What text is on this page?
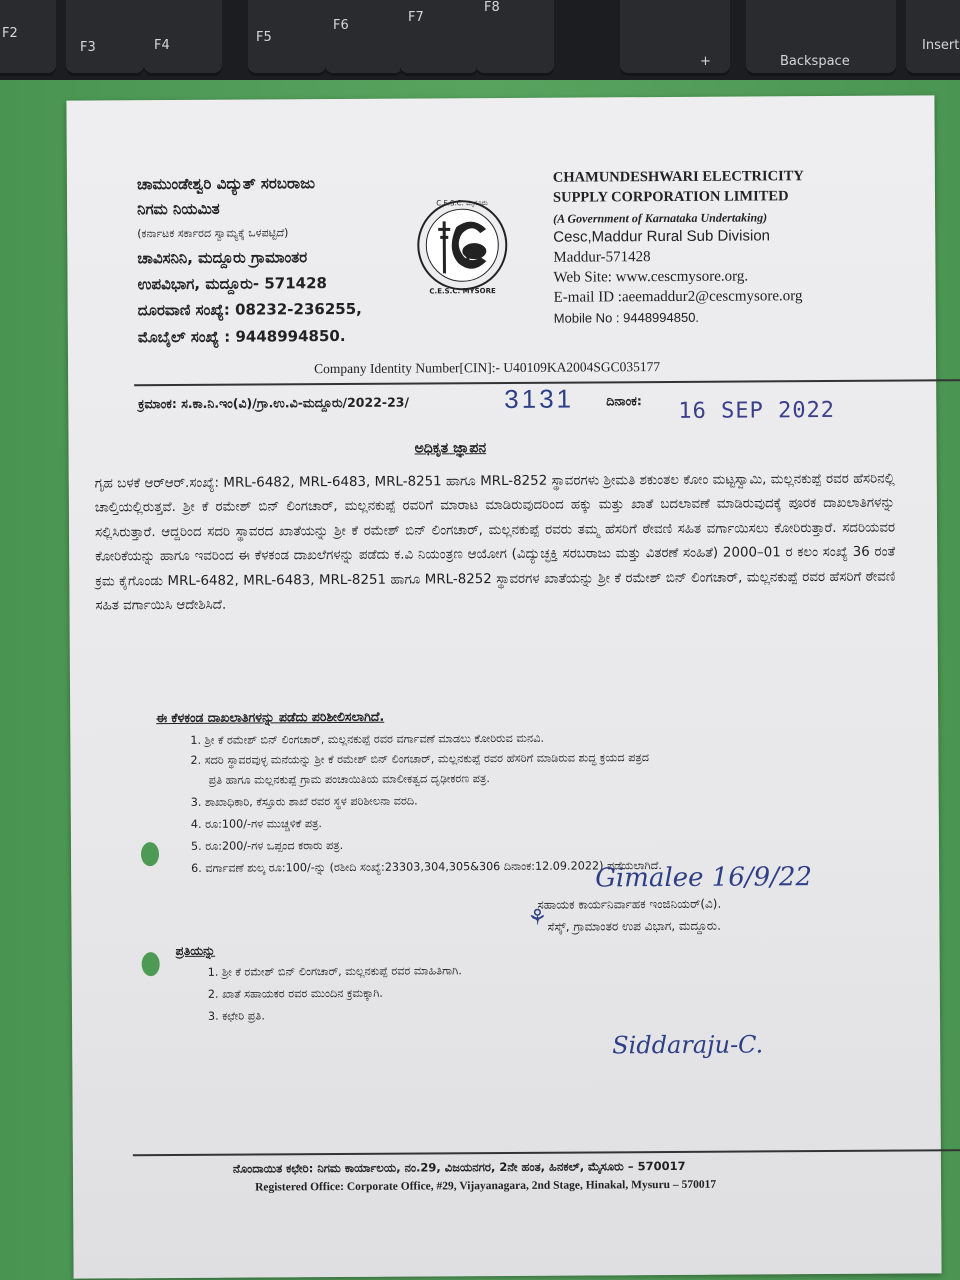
F2
F3	F4
F5
F6
F7
F8
+	Backspace
Insert
ಚಾಮುಂಡೇಶ್ವರಿ ವಿದ್ಯುತ್ ಸರಬರಾಜು
ನಿಗಮ ನಿಯಮಿತ
(ಕರ್ನಾಟಕ ಸರ್ಕಾರದ ಸ್ವಾಮ್ಯಕ್ಕೆ ಒಳಪಟ್ಟಿದೆ)
ಚಾವಿಸನಿನಿ, ಮದ್ದೂರು ಗ್ರಾಮಾಂತರ
ಉಪವಿಭಾಗ, ಮದ್ದೂರು- 571428
ದೂರವಾಣಿ ಸಂಖ್ಯೆ: 08232-236255,
ಮೊಬೈಲ್ ಸಂಖ್ಯೆ : 9448994850.
C.E.S.C. ಮೈಸೂರು
C.E.S.C. MYSORE
CHAMUNDESHWARI ELECTRICITY
SUPPLY CORPORATION LIMITED
(A Government of Karnataka Undertaking)
Cesc,Maddur Rural Sub Division
Maddur-571428
Web Site: www.cescmysore.org.
E-mail ID :aeemaddur2@cescmysore.org
Mobile No : 9448994850.
Company Identity Number[CIN]:- U40109KA2004SGC035177
ಕ್ರಮಾಂಕ: ಸ.ಕಾ.ನಿ.ಇಂ(ವಿ)/ಗ್ರಾ.ಉ.ವಿ-ಮದ್ದೂರು/2022-23/	3131	ದಿನಾಂಕ: 16 SEP 2022
ಅಧಿಕೃತ ಜ್ಞಾಪನ
ಗೃಹ ಬಳಕೆ ಆರ್‌ಆರ್.ಸಂಖ್ಯೆ: MRL-6482, MRL-6483, MRL-8251 ಹಾಗೂ MRL-8252 ಸ್ಥಾವರಗಳು ಶ್ರೀಮತಿ ಶಕುಂತಲ ಕೋಂ ಮಟ್ಟಸ್ವಾಮಿ, ಮಲ್ಲನಕುಪ್ಪೆ ರವರ ಹೆಸರಿನಲ್ಲಿ ಚಾಲ್ತಿಯಲ್ಲಿರುತ್ತವೆ. ಶ್ರೀ ಕೆ ರಮೇಶ್ ಬಿನ್ ಲಿಂಗಚಾರ್, ಮಲ್ಲನಕುಪ್ಪೆ ರವರಿಗೆ ಮಾರಾಟ ಮಾಡಿರುವುದರಿಂದ ಹಕ್ಕು ಮತ್ತು ಖಾತೆ ಬದಲಾವಣೆ ಮಾಡಿರುವುದಕ್ಕೆ ಪೂರಕ ದಾಖಲಾತಿಗಳನ್ನು ಸಲ್ಲಿಸಿರುತ್ತಾರೆ. ಆದ್ದರಿಂದ ಸದರಿ ಸ್ಥಾವರದ ಖಾತೆಯನ್ನು ಶ್ರೀ ಕೆ ರಮೇಶ್ ಬಿನ್ ಲಿಂಗಚಾರ್, ಮಲ್ಲನಕುಪ್ಪೆ ರವರು ತಮ್ಮ ಹೆಸರಿಗೆ ಠೇವಣಿ ಸಹಿತ ವರ್ಗಾಯಿಸಲು ಕೋರಿರುತ್ತಾರೆ. ಸದರಿಯವರ ಕೋರಿಕೆಯನ್ನು ಹಾಗೂ ಇವರಿಂದ ಈ ಕೆಳಕಂಡ ದಾಖಲೆಗಳನ್ನು ಪಡೆದು ಕ.ವಿ ನಿಯಂತ್ರಣ ಆಯೋಗ (ವಿದ್ಯುಚ್ಛಕ್ತಿ ಸರಬರಾಜು ಮತ್ತು ವಿತರಣೆ ಸಂಹಿತೆ) 2000–01 ರ ಕಲಂ ಸಂಖ್ಯೆ 36 ರಂತೆ ಕ್ರಮ ಕೈಗೊಂಡು MRL-6482, MRL-6483, MRL-8251 ಹಾಗೂ MRL-8252 ಸ್ಥಾವರಗಳ ಖಾತೆಯನ್ನು ಶ್ರೀ ಕೆ ರಮೇಶ್ ಬಿನ್ ಲಿಂಗಚಾರ್, ಮಲ್ಲನಕುಪ್ಪೆ ರವರ ಹೆಸರಿಗೆ ಠೇವಣಿ ಸಹಿತ ವರ್ಗಾಯಿಸಿ ಆದೇಶಿಸಿದೆ.
ಈ ಕೆಳಕಂಡ ದಾಖಲಾತಿಗಳನ್ನು ಪಡೆದು ಪರಿಶೀಲಿಸಲಾಗಿದೆ.
1. ಶ್ರೀ ಕೆ ರಮೇಶ್ ಬಿನ್ ಲಿಂಗಚಾರ್, ಮಲ್ಲನಕುಪ್ಪೆ ರವರ ವರ್ಗಾವಣೆ ಮಾಡಲು ಕೋರಿರುವ ಮನವಿ.
2. ಸದರಿ ಸ್ಥಾವರವುಳ್ಳ ಮನೆಯನ್ನು ಶ್ರೀ ಕೆ ರಮೇಶ್ ಬಿನ್ ಲಿಂಗಚಾರ್, ಮಲ್ಲನಕುಪ್ಪೆ ರವರ ಹೆಸರಿಗೆ ಮಾಡಿರುವ ಶುದ್ಧ ಕ್ರಯದ ಪತ್ರದ
ಪ್ರತಿ ಹಾಗೂ ಮಲ್ಲನಕುಪ್ಪೆ ಗ್ರಾಮ ಪಂಚಾಯಿತಿಯ ಮಾಲೀಕತ್ವದ ದೃಢೀಕರಣ ಪತ್ರ.
3. ಶಾಖಾಧಿಕಾರಿ, ಕೆಸ್ತೂರು ಶಾಖೆ ರವರ ಸ್ಥಳ ಪರಿಶೀಲನಾ ವರದಿ.
4. ರೂ:100/-ಗಳ ಮುಚ್ಚಳಿಕೆ ಪತ್ರ.
5. ರೂ:200/-ಗಳ ಒಪ್ಪಂದ ಕರಾರು ಪತ್ರ.
6. ವರ್ಗಾವಣೆ ಶುಲ್ಕ ರೂ:100/-ನ್ನು (ರಶೀದಿ ಸಂಖ್ಯೆ:23303,304,305&306 ದಿನಾಂಕ:12.09.2022) ಪಡೆಯಲಾಗಿದೆ.
Gimalee 16/9/22
ಸಹಾಯಕ ಕಾರ್ಯನಿರ್ವಾಹಕ ಇಂಜಿನಿಯರ್(ವಿ).
ಸೆಸ್ಕ್, ಗ್ರಾಮಾಂತರ ಉಪ ವಿಭಾಗ, ಮದ್ದೂರು.
⚘
ಪ್ರತಿಯನ್ನು
1. ಶ್ರೀ ಕೆ ರಮೇಶ್ ಬಿನ್ ಲಿಂಗಚಾರ್, ಮಲ್ಲನಕುಪ್ಪೆ ರವರ ಮಾಹಿತಿಗಾಗಿ.
2. ಖಾತೆ ಸಹಾಯಕರ ರವರ ಮುಂದಿನ ಕ್ರಮಕ್ಕಾಗಿ.
3. ಕಛೇರಿ ಪ್ರತಿ.
Siddaraju-C.
ನೊಂದಾಯಿತ ಕಛೇರಿ: ನಿಗಮ ಕಾರ್ಯಾಲಯ, ನಂ.29, ವಿಜಯನಗರ, 2ನೇ ಹಂತ, ಹಿನಕಲ್, ಮೈಸೂರು – 570017
Registered Office: Corporate Office, #29, Vijayanagara, 2nd Stage, Hinakal, Mysuru – 570017
